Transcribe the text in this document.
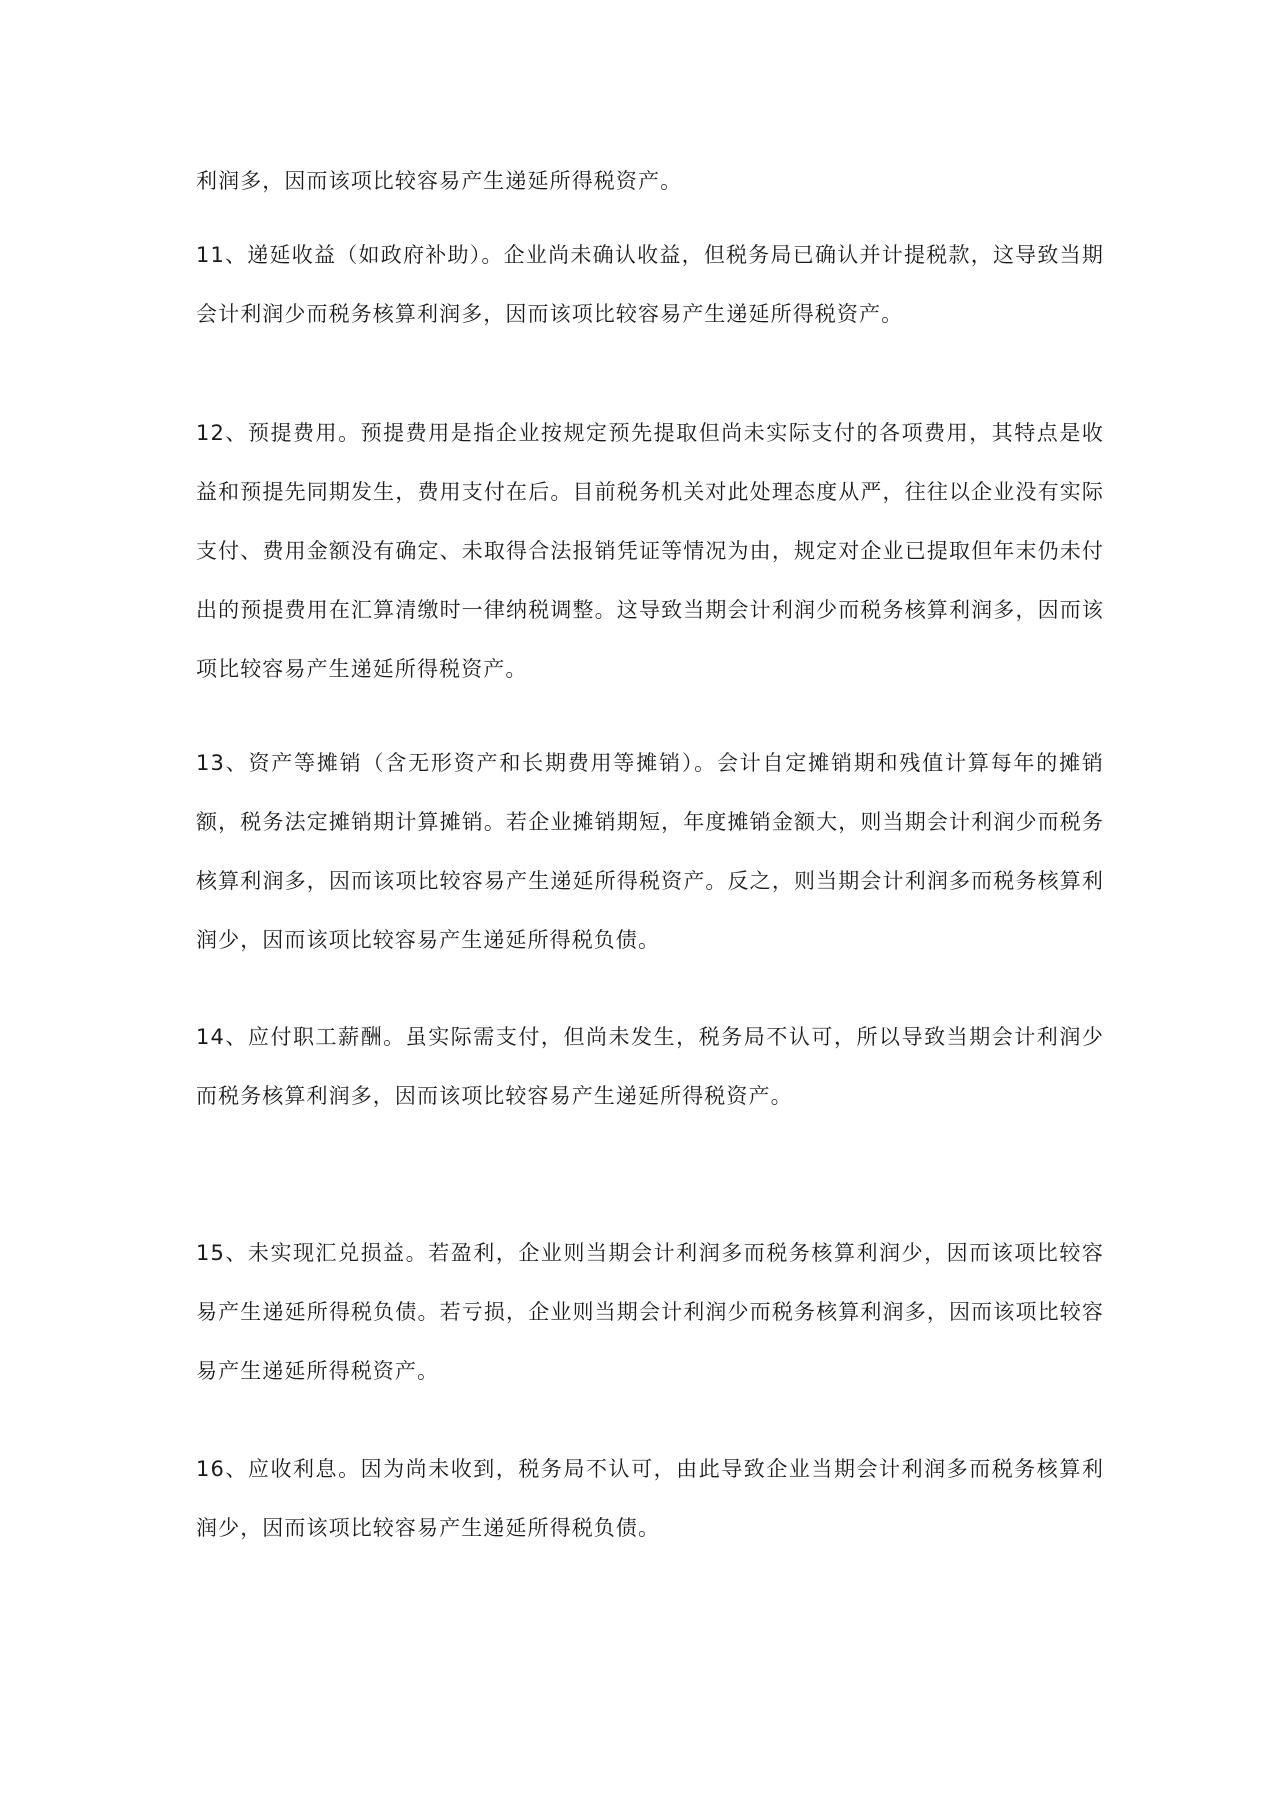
利润多，因而该项比较容易产生递延所得税资产。

11、递延收益（如政府补助）。企业尚未确认收益，但税务局已确认并计提税款，这导致当期会计利润少而税务核算利润多，因而该项比较容易产生递延所得税资产。

12、预提费用。预提费用是指企业按规定预先提取但尚未实际支付的各项费用，其特点是收益和预提先同期发生，费用支付在后。目前税务机关对此处理态度从严，往往以企业没有实际支付、费用金额没有确定、未取得合法报销凭证等情况为由，规定对企业已提取但年末仍未付出的预提费用在汇算清缴时一律纳税调整。这导致当期会计利润少而税务核算利润多，因而该项比较容易产生递延所得税资产。

13、资产等摊销（含无形资产和长期费用等摊销）。会计自定摊销期和残值计算每年的摊销额，税务法定摊销期计算摊销。若企业摊销期短，年度摊销金额大，则当期会计利润少而税务核算利润多，因而该项比较容易产生递延所得税资产。反之，则当期会计利润多而税务核算利润少，因而该项比较容易产生递延所得税负债。

14、应付职工薪酬。虽实际需支付，但尚未发生，税务局不认可，所以导致当期会计利润少而税务核算利润多，因而该项比较容易产生递延所得税资产。

15、未实现汇兑损益。若盈利，企业则当期会计利润多而税务核算利润少，因而该项比较容易产生递延所得税负债。若亏损，企业则当期会计利润少而税务核算利润多，因而该项比较容易产生递延所得税资产。

16、应收利息。因为尚未收到，税务局不认可，由此导致企业当期会计利润多而税务核算利润少，因而该项比较容易产生递延所得税负债。
